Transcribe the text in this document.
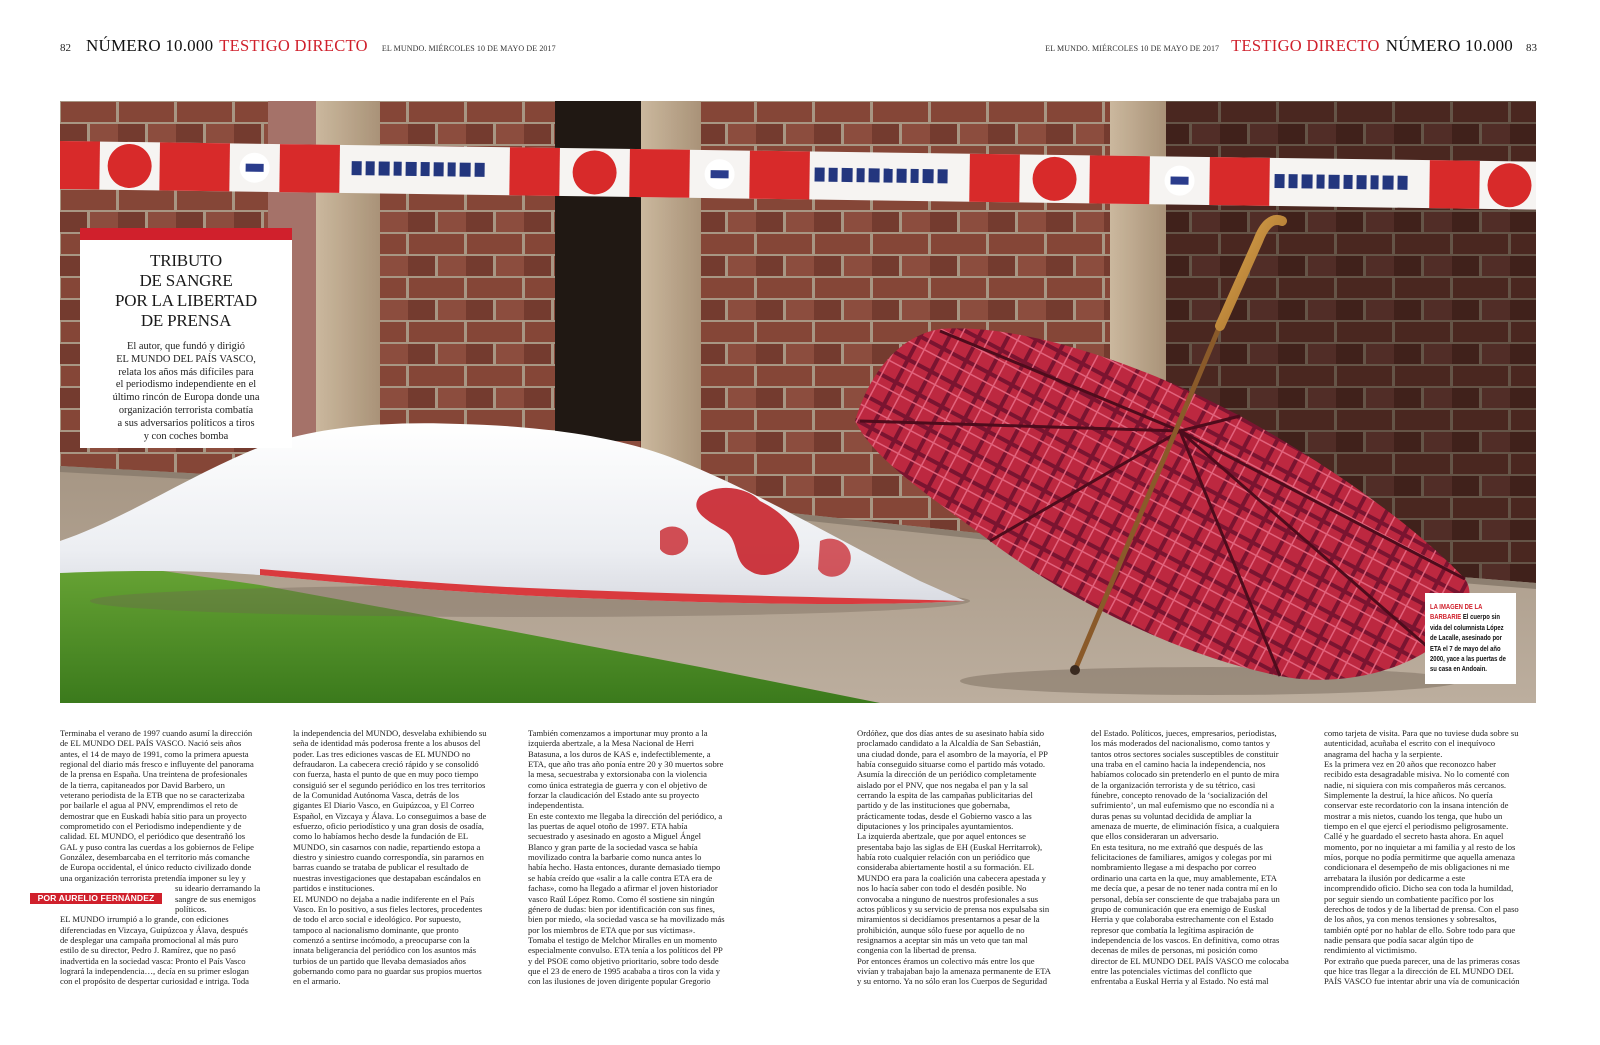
82 NÚMERO 10.000 TESTIGO DIRECTO EL MUNDO. MIÉRCOLES 10 DE MAYO DE 2017	EL MUNDO. MIÉRCOLES 10 DE MAYO DE 2017 TESTIGO DIRECTO NÚMERO 10.000 83
TRIBUTO
DE SANGRE
POR LA LIBERTAD
DE PRENSA
El autor, que fundó y dirigió
EL MUNDO DEL PAÍS VASCO,
relata los años más difíciles para
el periodismo independiente en el
último rincón de Europa donde una
organización terrorista combatía
a sus adversarios políticos a tiros
y con coches bomba
LA IMAGEN DE LA BARBARIE El cuerpo sin vida del columnista López de Lacalle, asesinado por ETA el 7 de mayo del año 2000, yace a las puertas de su casa en Andoain.
Terminaba el verano de 1997 cuando asumí la dirección
de EL MUNDO DEL PAÍS VASCO. Nació seis años
antes, el 14 de mayo de 1991, como la primera apuesta
regional del diario más fresco e influyente del panorama
de la prensa en España. Una treintena de profesionales
de la tierra, capitaneados por David Barbero, un
veterano periodista de la ETB que no se caracterizaba
por bailarle el agua al PNV, emprendimos el reto de
demostrar que en Euskadi había sitio para un proyecto
comprometido con el Periodismo independiente y de
calidad. EL MUNDO, el periódico que desentrañó los
GAL y puso contra las cuerdas a los gobiernos de Felipe
González, desembarcaba en el territorio más comanche
de Europa occidental, el único reducto civilizado donde
una organización terrorista pretendía imponer su ley y
su ideario derramando la
sangre de sus enemigos
políticos.
EL MUNDO irrumpió a lo grande, con ediciones
diferenciadas en Vizcaya, Guipúzcoa y Álava, después
de desplegar una campaña promocional al más puro
estilo de su director, Pedro J. Ramírez, que no pasó
inadvertida en la sociedad vasca: Pronto el País Vasco
logrará la independencia…, decía en su primer eslogan
con el propósito de despertar curiosidad e intriga. Toda
la independencia del MUNDO, desvelaba exhibiendo su
seña de identidad más poderosa frente a los abusos del
poder. Las tres ediciones vascas de EL MUNDO no
defraudaron. La cabecera creció rápido y se consolidó
con fuerza, hasta el punto de que en muy poco tiempo
consiguió ser el segundo periódico en los tres territorios
de la Comunidad Autónoma Vasca, detrás de los
gigantes El Diario Vasco, en Guipúzcoa, y El Correo
Español, en Vizcaya y Álava. Lo conseguimos a base de
esfuerzo, oficio periodístico y una gran dosis de osadía,
como lo habíamos hecho desde la fundación de EL
MUNDO, sin casarnos con nadie, repartiendo estopa a
diestro y siniestro cuando correspondía, sin pararnos en
barras cuando se trataba de publicar el resultado de
nuestras investigaciones que destapaban escándalos en
partidos e instituciones.
EL MUNDO no dejaba a nadie indiferente en el País
Vasco. En lo positivo, a sus fieles lectores, procedentes
de todo el arco social e ideológico. Por supuesto,
tampoco al nacionalismo dominante, que pronto
comenzó a sentirse incómodo, a preocuparse con la
innata beligerancia del periódico con los asuntos más
turbios de un partido que llevaba demasiados años
gobernando como para no guardar sus propios muertos
en el armario.
También comenzamos a importunar muy pronto a la
izquierda abertzale, a la Mesa Nacional de Herri
Batasuna, a los duros de KAS e, indefectiblemente, a
ETA, que año tras año ponía entre 20 y 30 muertos sobre
la mesa, secuestraba y extorsionaba con la violencia
como única estrategia de guerra y con el objetivo de
forzar la claudicación del Estado ante su proyecto
independentista.
En este contexto me llegaba la dirección del periódico, a
las puertas de aquel otoño de 1997. ETA había
secuestrado y asesinado en agosto a Miguel Ángel
Blanco y gran parte de la sociedad vasca se había
movilizado contra la barbarie como nunca antes lo
había hecho. Hasta entonces, durante demasiado tiempo
se había creído que «salir a la calle contra ETA era de
fachas», como ha llegado a afirmar el joven historiador
vasco Raúl López Romo. Como él sostiene sin ningún
género de dudas: bien por identificación con sus fines,
bien por miedo, «la sociedad vasca se ha movilizado más
por los miembros de ETA que por sus víctimas».
Tomaba el testigo de Melchor Miralles en un momento
especialmente convulso. ETA tenía a los políticos del PP
y del PSOE como objetivo prioritario, sobre todo desde
que el 23 de enero de 1995 acababa a tiros con la vida y
con las ilusiones de joven dirigente popular Gregorio
Ordóñez, que dos días antes de su asesinato había sido
proclamado candidato a la Alcaldía de San Sebastián,
una ciudad donde, para el asombro de la mayoría, el PP
había conseguido situarse como el partido más votado.
Asumía la dirección de un periódico completamente
aislado por el PNV, que nos negaba el pan y la sal
cerrando la espita de las campañas publicitarias del
partido y de las instituciones que gobernaba,
prácticamente todas, desde el Gobierno vasco a las
diputaciones y los principales ayuntamientos.
La izquierda abertzale, que por aquel entonces se
presentaba bajo las siglas de EH (Euskal Herritarrok),
había roto cualquier relación con un periódico que
consideraba abiertamente hostil a su formación. EL
MUNDO era para la coalición una cabecera apestada y
nos lo hacía saber con todo el desdén posible. No
convocaba a ninguno de nuestros profesionales a sus
actos públicos y su servicio de prensa nos expulsaba sin
miramientos si decidíamos presentarnos a pesar de la
prohibición, aunque sólo fuese por aquello de no
resignarnos a aceptar sin más un veto que tan mal
congenia con la libertad de prensa.
Por entonces éramos un colectivo más entre los que
vivían y trabajaban bajo la amenaza permanente de ETA
y su entorno. Ya no sólo eran los Cuerpos de Seguridad
del Estado. Políticos, jueces, empresarios, periodistas,
los más moderados del nacionalismo, como tantos y
tantos otros sectores sociales susceptibles de constituir
una traba en el camino hacia la independencia, nos
habíamos colocado sin pretenderlo en el punto de mira
de la organización terrorista y de su tétrico, casi
fúnebre, concepto renovado de la ‘socialización del
sufrimiento’, un mal eufemismo que no escondía ni a
duras penas su voluntad decidida de ampliar la
amenaza de muerte, de eliminación física, a cualquiera
que ellos consideraran un adversario.
En esta tesitura, no me extrañó que después de las
felicitaciones de familiares, amigos y colegas por mi
nombramiento llegase a mi despacho por correo
ordinario una carta en la que, muy amablemente, ETA
me decía que, a pesar de no tener nada contra mí en lo
personal, debía ser consciente de que trabajaba para un
grupo de comunicación que era enemigo de Euskal
Herria y que colaboraba estrechamente con el Estado
represor que combatía la legítima aspiración de
independencia de los vascos. En definitiva, como otras
decenas de miles de personas, mi posición como
director de EL MUNDO DEL PAÍS VASCO me colocaba
entre las potenciales víctimas del conflicto que
enfrentaba a Euskal Herria y al Estado. No está mal
como tarjeta de visita. Para que no tuviese duda sobre su
autenticidad, acuñaba el escrito con el inequívoco
anagrama del hacha y la serpiente.
Es la primera vez en 20 años que reconozco haber
recibido esta desagradable misiva. No lo comenté con
nadie, ni siquiera con mis compañeros más cercanos.
Simplemente la destruí, la hice añicos. No quería
conservar este recordatorio con la insana intención de
mostrar a mis nietos, cuando los tenga, que hubo un
tiempo en el que ejercí el periodismo peligrosamente.
Callé y he guardado el secreto hasta ahora. En aquel
momento, por no inquietar a mi familia y al resto de los
míos, porque no podía permitirme que aquella amenaza
condicionara el desempeño de mis obligaciones ni me
arrebatara la ilusión por dedicarme a este
incomprendido oficio. Dicho sea con toda la humildad,
por seguir siendo un combatiente pacífico por los
derechos de todos y de la libertad de prensa. Con el paso
de los años, ya con menos tensiones y sobresaltos,
también opté por no hablar de ello. Sobre todo para que
nadie pensara que podía sacar algún tipo de
rendimiento al victimismo.
Por extraño que pueda parecer, una de las primeras cosas
que hice tras llegar a la dirección de EL MUNDO DEL
PAÍS VASCO fue intentar abrir una vía de comunicación
POR AURELIO FERNÁNDEZ
